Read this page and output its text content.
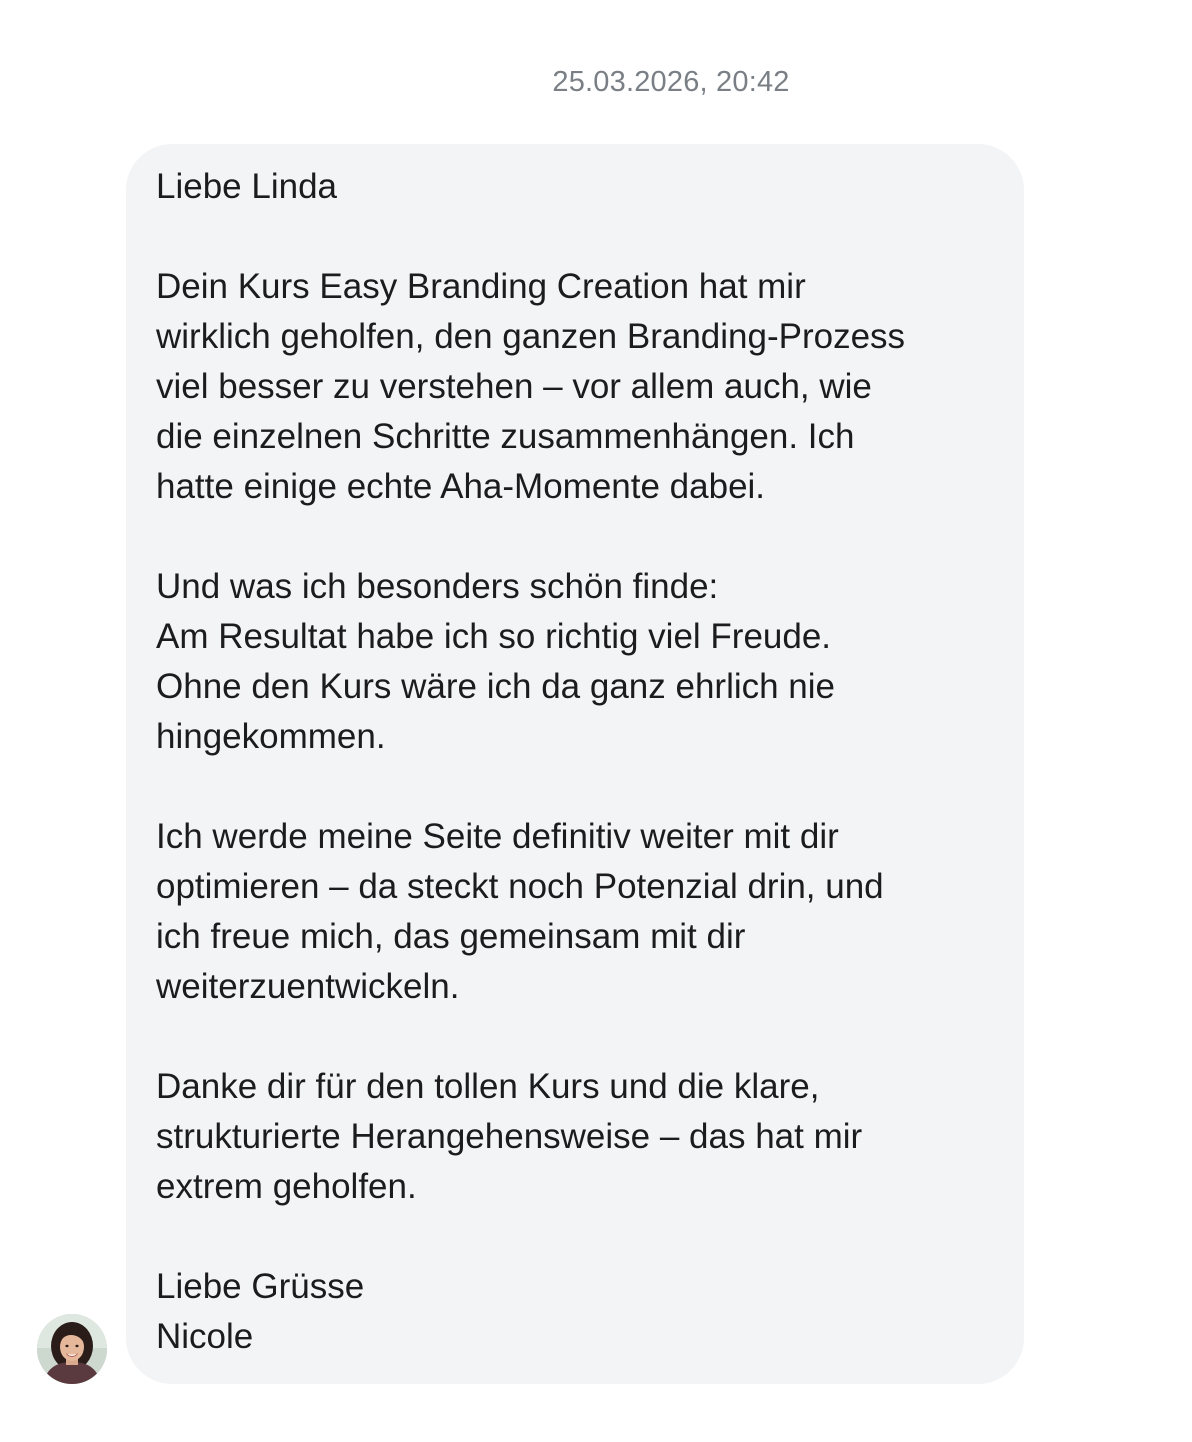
25.03.2026, 20:42

Liebe Linda

Dein Kurs Easy Branding Creation hat mir
wirklich geholfen, den ganzen Branding-Prozess
viel besser zu verstehen – vor allem auch, wie
die einzelnen Schritte zusammenhängen. Ich
hatte einige echte Aha-Momente dabei.

Und was ich besonders schön finde:
Am Resultat habe ich so richtig viel Freude.
Ohne den Kurs wäre ich da ganz ehrlich nie
hingekommen.

Ich werde meine Seite definitiv weiter mit dir
optimieren – da steckt noch Potenzial drin, und
ich freue mich, das gemeinsam mit dir
weiterzuentwickeln.

Danke dir für den tollen Kurs und die klare,
strukturierte Herangehensweise – das hat mir
extrem geholfen.

Liebe Grüsse
Nicole
